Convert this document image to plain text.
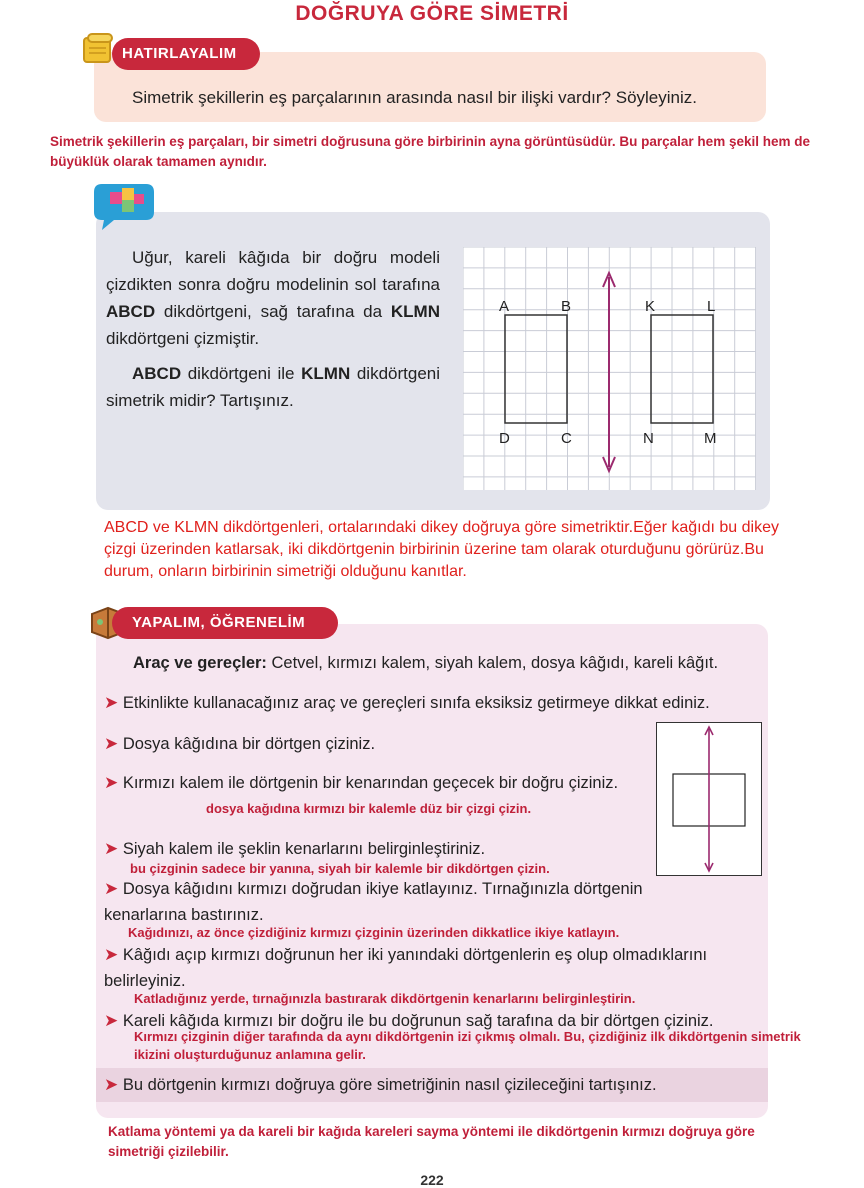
DOĞRUYA GÖRE SİMETRİ
HATIRLAYALIM
Simetrik şekillerin eş parçalarının arasında nasıl bir ilişki vardır? Söyleyiniz.
Simetrik şekillerin eş parçaları, bir simetri doğrusuna göre birbirinin ayna görüntüsüdür. Bu parçalar hem şekil hem de büyüklük olarak tamamen aynıdır.

Uğur, kareli kâğıda bir doğru modeli çizdikten sonra doğru modelinin sol tarafına ABCD dikdörtgeni, sağ tarafına da KLMN dikdörtgeni çizmiştir.

ABCD dikdörtgeni ile KLMN dikdörtgeni simetrik midir? Tartışınız.

A	B
D	C
K	L
N	M
ABCD ve KLMN dikdörtgenleri, ortalarındaki dikey doğruya göre simetriktir.Eğer kağıdı bu dikey çizgi üzerinden katlarsak, iki dikdörtgenin birbirinin üzerine tam olarak oturduğunu görürüz.Bu durum, onların birbirinin simetriği olduğunu kanıtlar.
YAPALIM, ÖĞRENELİM
Araç ve gereçler: Cetvel, kırmızı kalem, siyah kalem, dosya kâğıdı, kareli kâğıt.
➤ Etkinlikte kullanacağınız araç ve gereçleri sınıfa eksiksiz getirmeye dikkat ediniz.
➤ Dosya kâğıdına bir dörtgen çiziniz.
➤ Kırmızı kalem ile dörtgenin bir kenarından geçecek bir doğru çiziniz.
dosya kağıdına kırmızı bir kalemle düz bir çizgi çizin.
➤ Siyah kalem ile şeklin kenarlarını belirginleştiriniz.
bu çizginin sadece bir yanına, siyah bir kalemle bir dikdörtgen çizin.
➤ Dosya kâğıdını kırmızı doğrudan ikiye katlayınız. Tırnağınızla dörtgenin kenarlarına bastırınız.
Kağıdınızı, az önce çizdiğiniz kırmızı çizginin üzerinden dikkatlice ikiye katlayın.
➤ Kâğıdı açıp kırmızı doğrunun her iki yanındaki dörtgenlerin eş olup olmadıklarını belirleyiniz.
Katladığınız yerde, tırnağınızla bastırarak dikdörtgenin kenarlarını belirginleştirin.
➤ Kareli kâğıda kırmızı bir doğru ile bu doğrunun sağ tarafına da bir dörtgen çiziniz.
Kırmızı çizginin diğer tarafında da aynı dikdörtgenin izi çıkmış olmalı. Bu, çizdiğiniz ilk dikdörtgenin simetrik ikizini oluşturduğunuz anlamına gelir.
➤ Bu dörtgenin kırmızı doğruya göre simetriğinin nasıl çizileceğini tartışınız.
Katlama yöntemi ya da kareli bir kağıda kareleri sayma yöntemi ile dikdörtgenin kırmızı doğruya göre simetriği çizilebilir.
222
